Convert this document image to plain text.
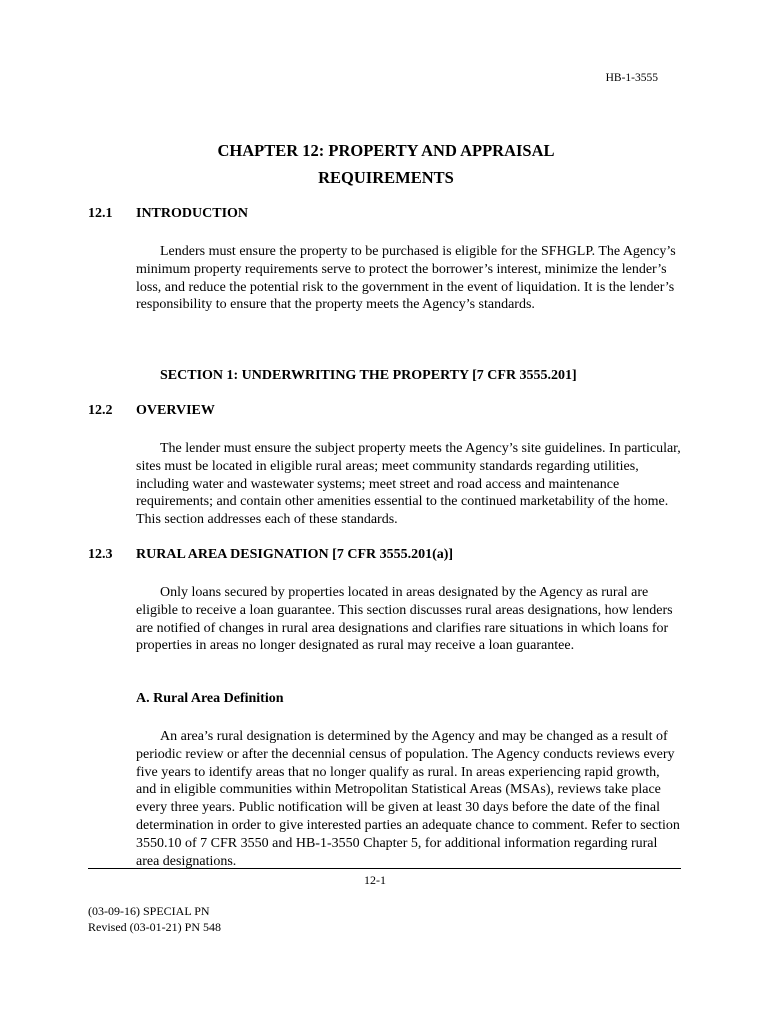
HB-1-3555
CHAPTER 12: PROPERTY AND APPRAISAL
REQUIREMENTS
12.1 INTRODUCTION

Lenders must ensure the property to be purchased is eligible for the SFHGLP. The Agency’s minimum property requirements serve to protect the borrower’s interest, minimize the lender’s loss, and reduce the potential risk to the government in the event of liquidation. It is the lender’s responsibility to ensure that the property meets the Agency’s standards.

SECTION 1: UNDERWRITING THE PROPERTY [7 CFR 3555.201]
12.2 OVERVIEW

The lender must ensure the subject property meets the Agency’s site guidelines. In particular, sites must be located in eligible rural areas; meet community standards regarding utilities, including water and wastewater systems; meet street and road access and maintenance requirements; and contain other amenities essential to the continued marketability of the home. This section addresses each of these standards.

12.3 RURAL AREA DESIGNATION [7 CFR 3555.201(a)]

Only loans secured by properties located in areas designated by the Agency as rural are eligible to receive a loan guarantee. This section discusses rural areas designations, how lenders are notified of changes in rural area designations and clarifies rare situations in which loans for properties in areas no longer designated as rural may receive a loan guarantee.

A. Rural Area Definition

An area’s rural designation is determined by the Agency and may be changed as a result of periodic review or after the decennial census of population. The Agency conducts reviews every five years to identify areas that no longer qualify as rural. In areas experiencing rapid growth, and in eligible communities within Metropolitan Statistical Areas (MSAs), reviews take place every three years. Public notification will be given at least 30 days before the date of the final determination in order to give interested parties an adequate chance to comment. Refer to section 3550.10 of 7 CFR 3550 and HB-1-3550 Chapter 5, for additional information regarding rural area designations.

12-1
(03-09-16) SPECIAL PN
Revised (03-01-21) PN 548
